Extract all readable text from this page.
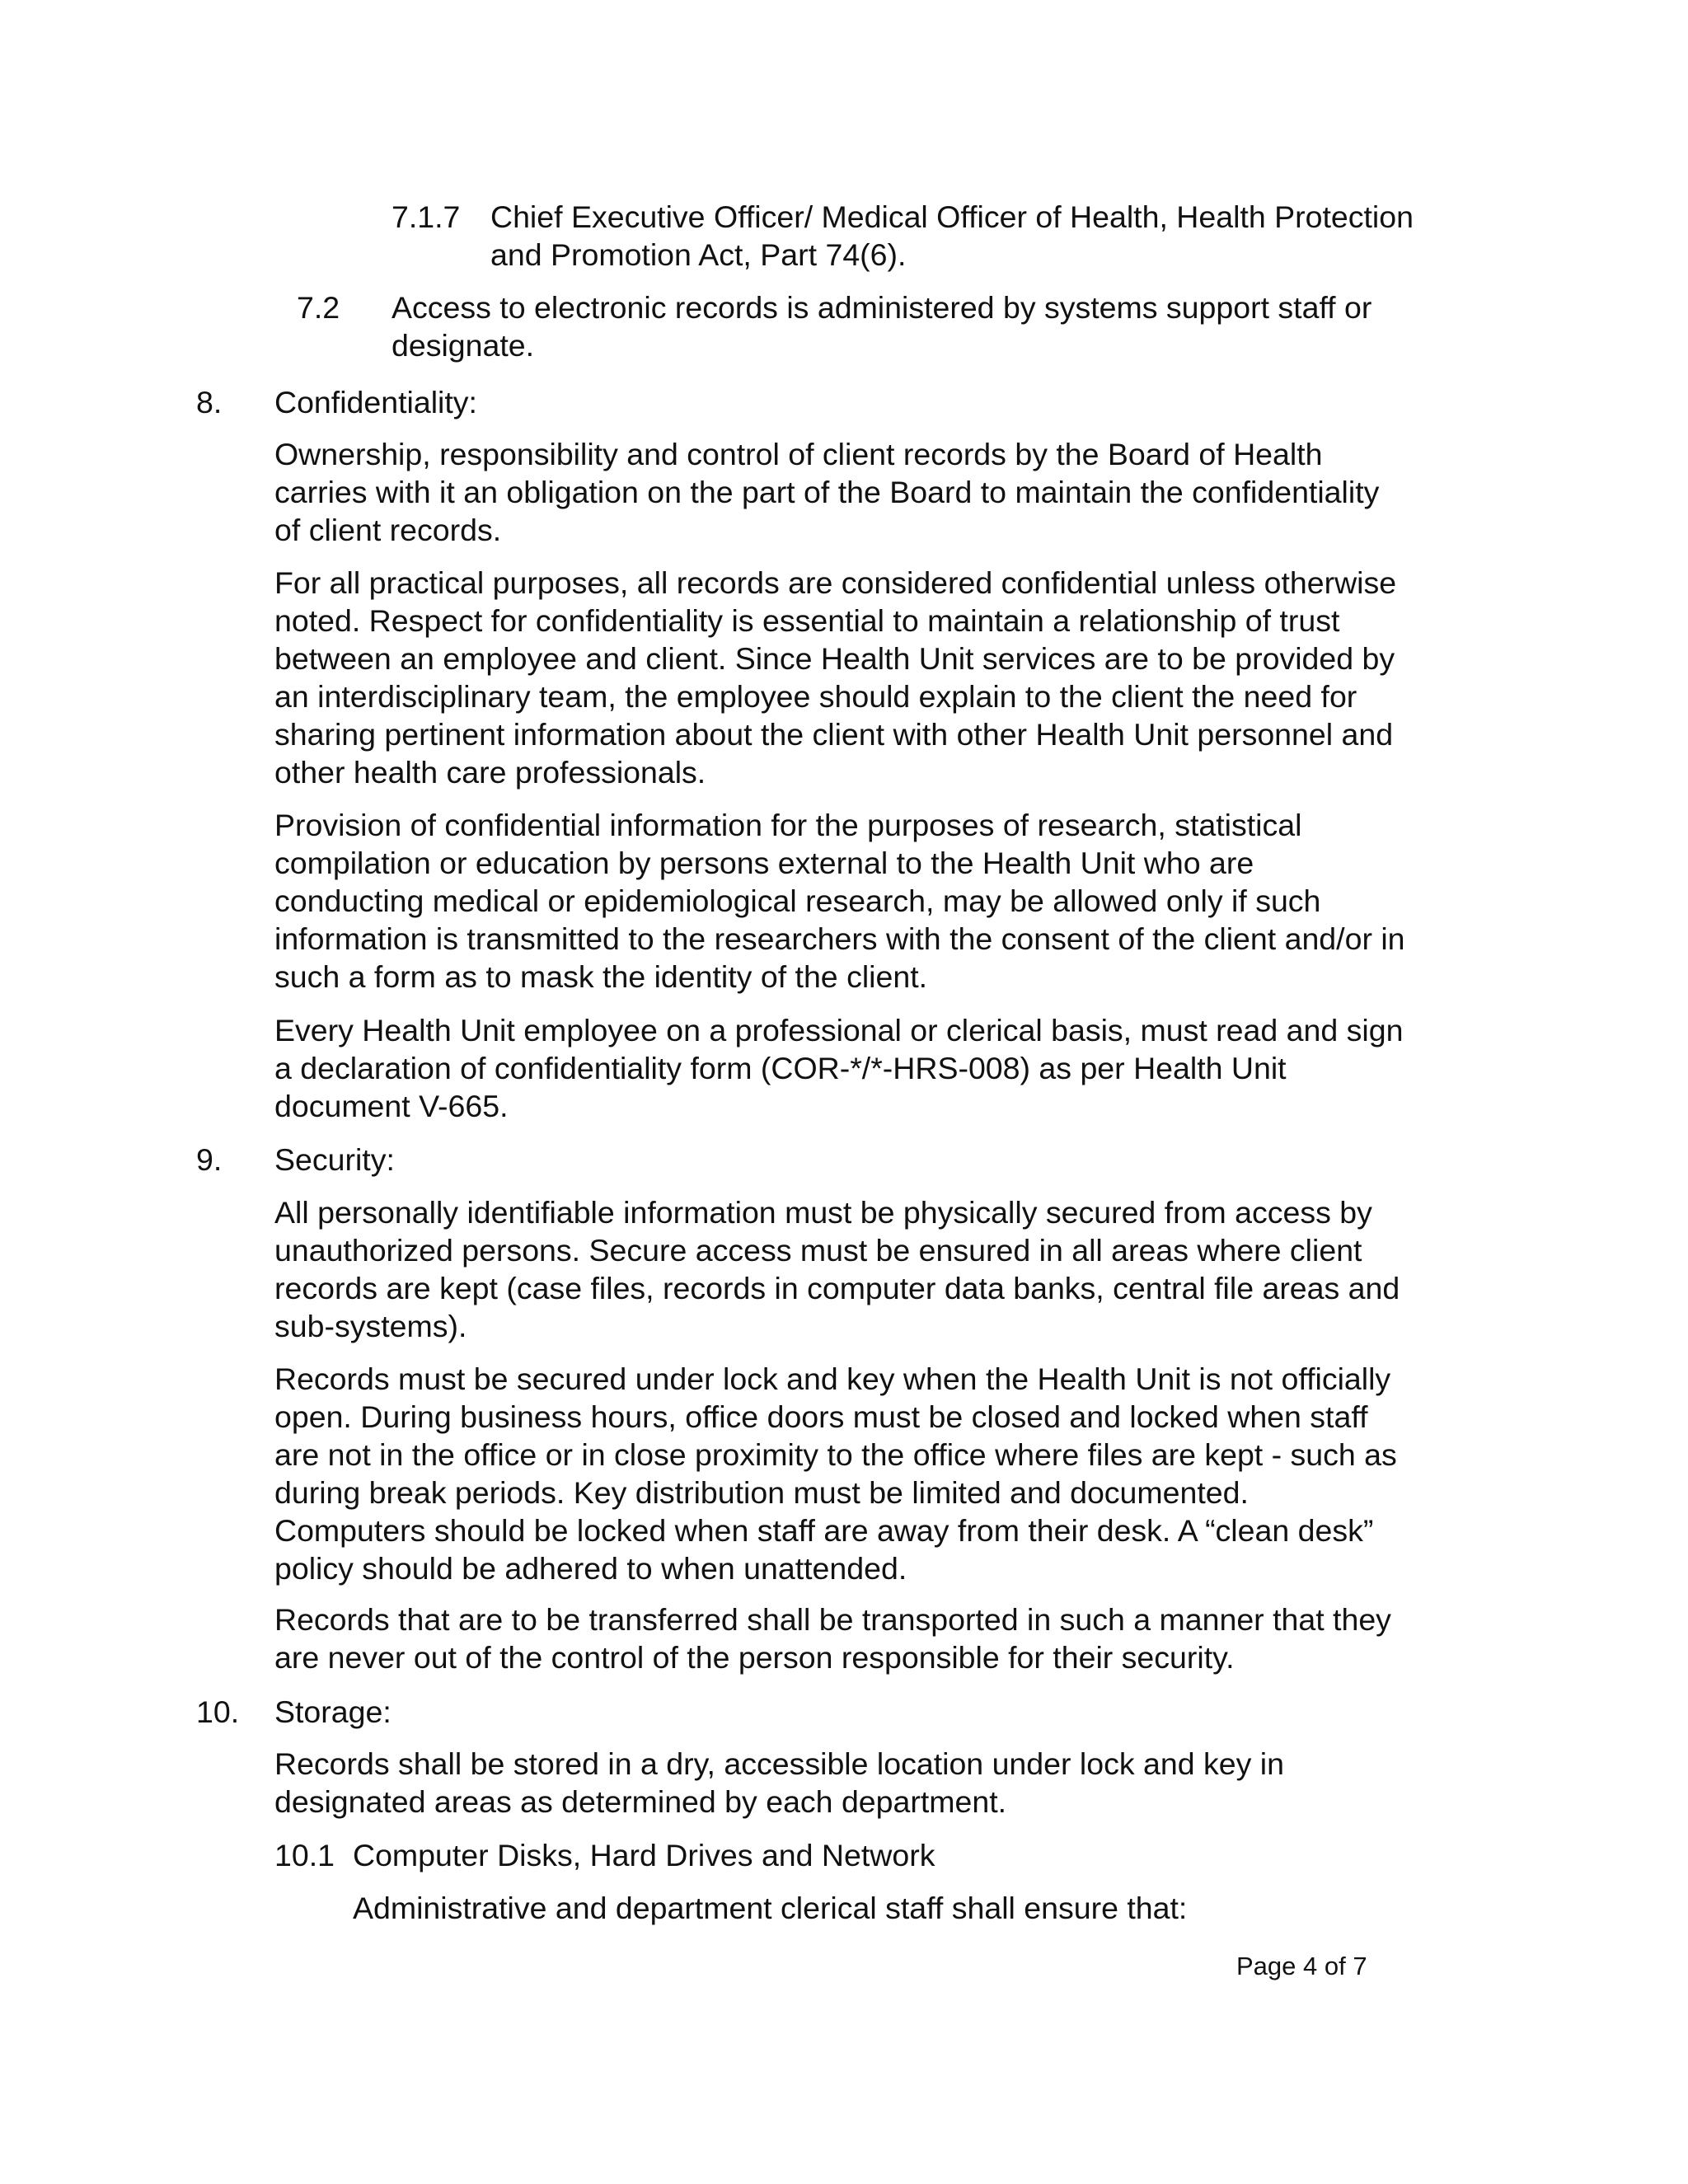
7.1.7 Chief Executive Officer/ Medical Officer of Health, Health Protection
and Promotion Act, Part 74(6).
7.2 Access to electronic records is administered by systems support staff or
designate.
8. Confidentiality:
Ownership, responsibility and control of client records by the Board of Health
carries with it an obligation on the part of the Board to maintain the confidentiality
of client records.
For all practical purposes, all records are considered confidential unless otherwise
noted. Respect for confidentiality is essential to maintain a relationship of trust
between an employee and client. Since Health Unit services are to be provided by
an interdisciplinary team, the employee should explain to the client the need for
sharing pertinent information about the client with other Health Unit personnel and
other health care professionals.
Provision of confidential information for the purposes of research, statistical
compilation or education by persons external to the Health Unit who are
conducting medical or epidemiological research, may be allowed only if such
information is transmitted to the researchers with the consent of the client and/or in
such a form as to mask the identity of the client.
Every Health Unit employee on a professional or clerical basis, must read and sign
a declaration of confidentiality form (COR-*/*-HRS-008) as per Health Unit
document V-665.
9. Security:
All personally identifiable information must be physically secured from access by
unauthorized persons. Secure access must be ensured in all areas where client
records are kept (case files, records in computer data banks, central file areas and
sub-systems).
Records must be secured under lock and key when the Health Unit is not officially
open. During business hours, office doors must be closed and locked when staff
are not in the office or in close proximity to the office where files are kept - such as
during break periods. Key distribution must be limited and documented.
Computers should be locked when staff are away from their desk. A “clean desk”
policy should be adhered to when unattended.
Records that are to be transferred shall be transported in such a manner that they
are never out of the control of the person responsible for their security.
10. Storage:
Records shall be stored in a dry, accessible location under lock and key in
designated areas as determined by each department.
10.1 Computer Disks, Hard Drives and Network
Administrative and department clerical staff shall ensure that:
Page 4 of 7
